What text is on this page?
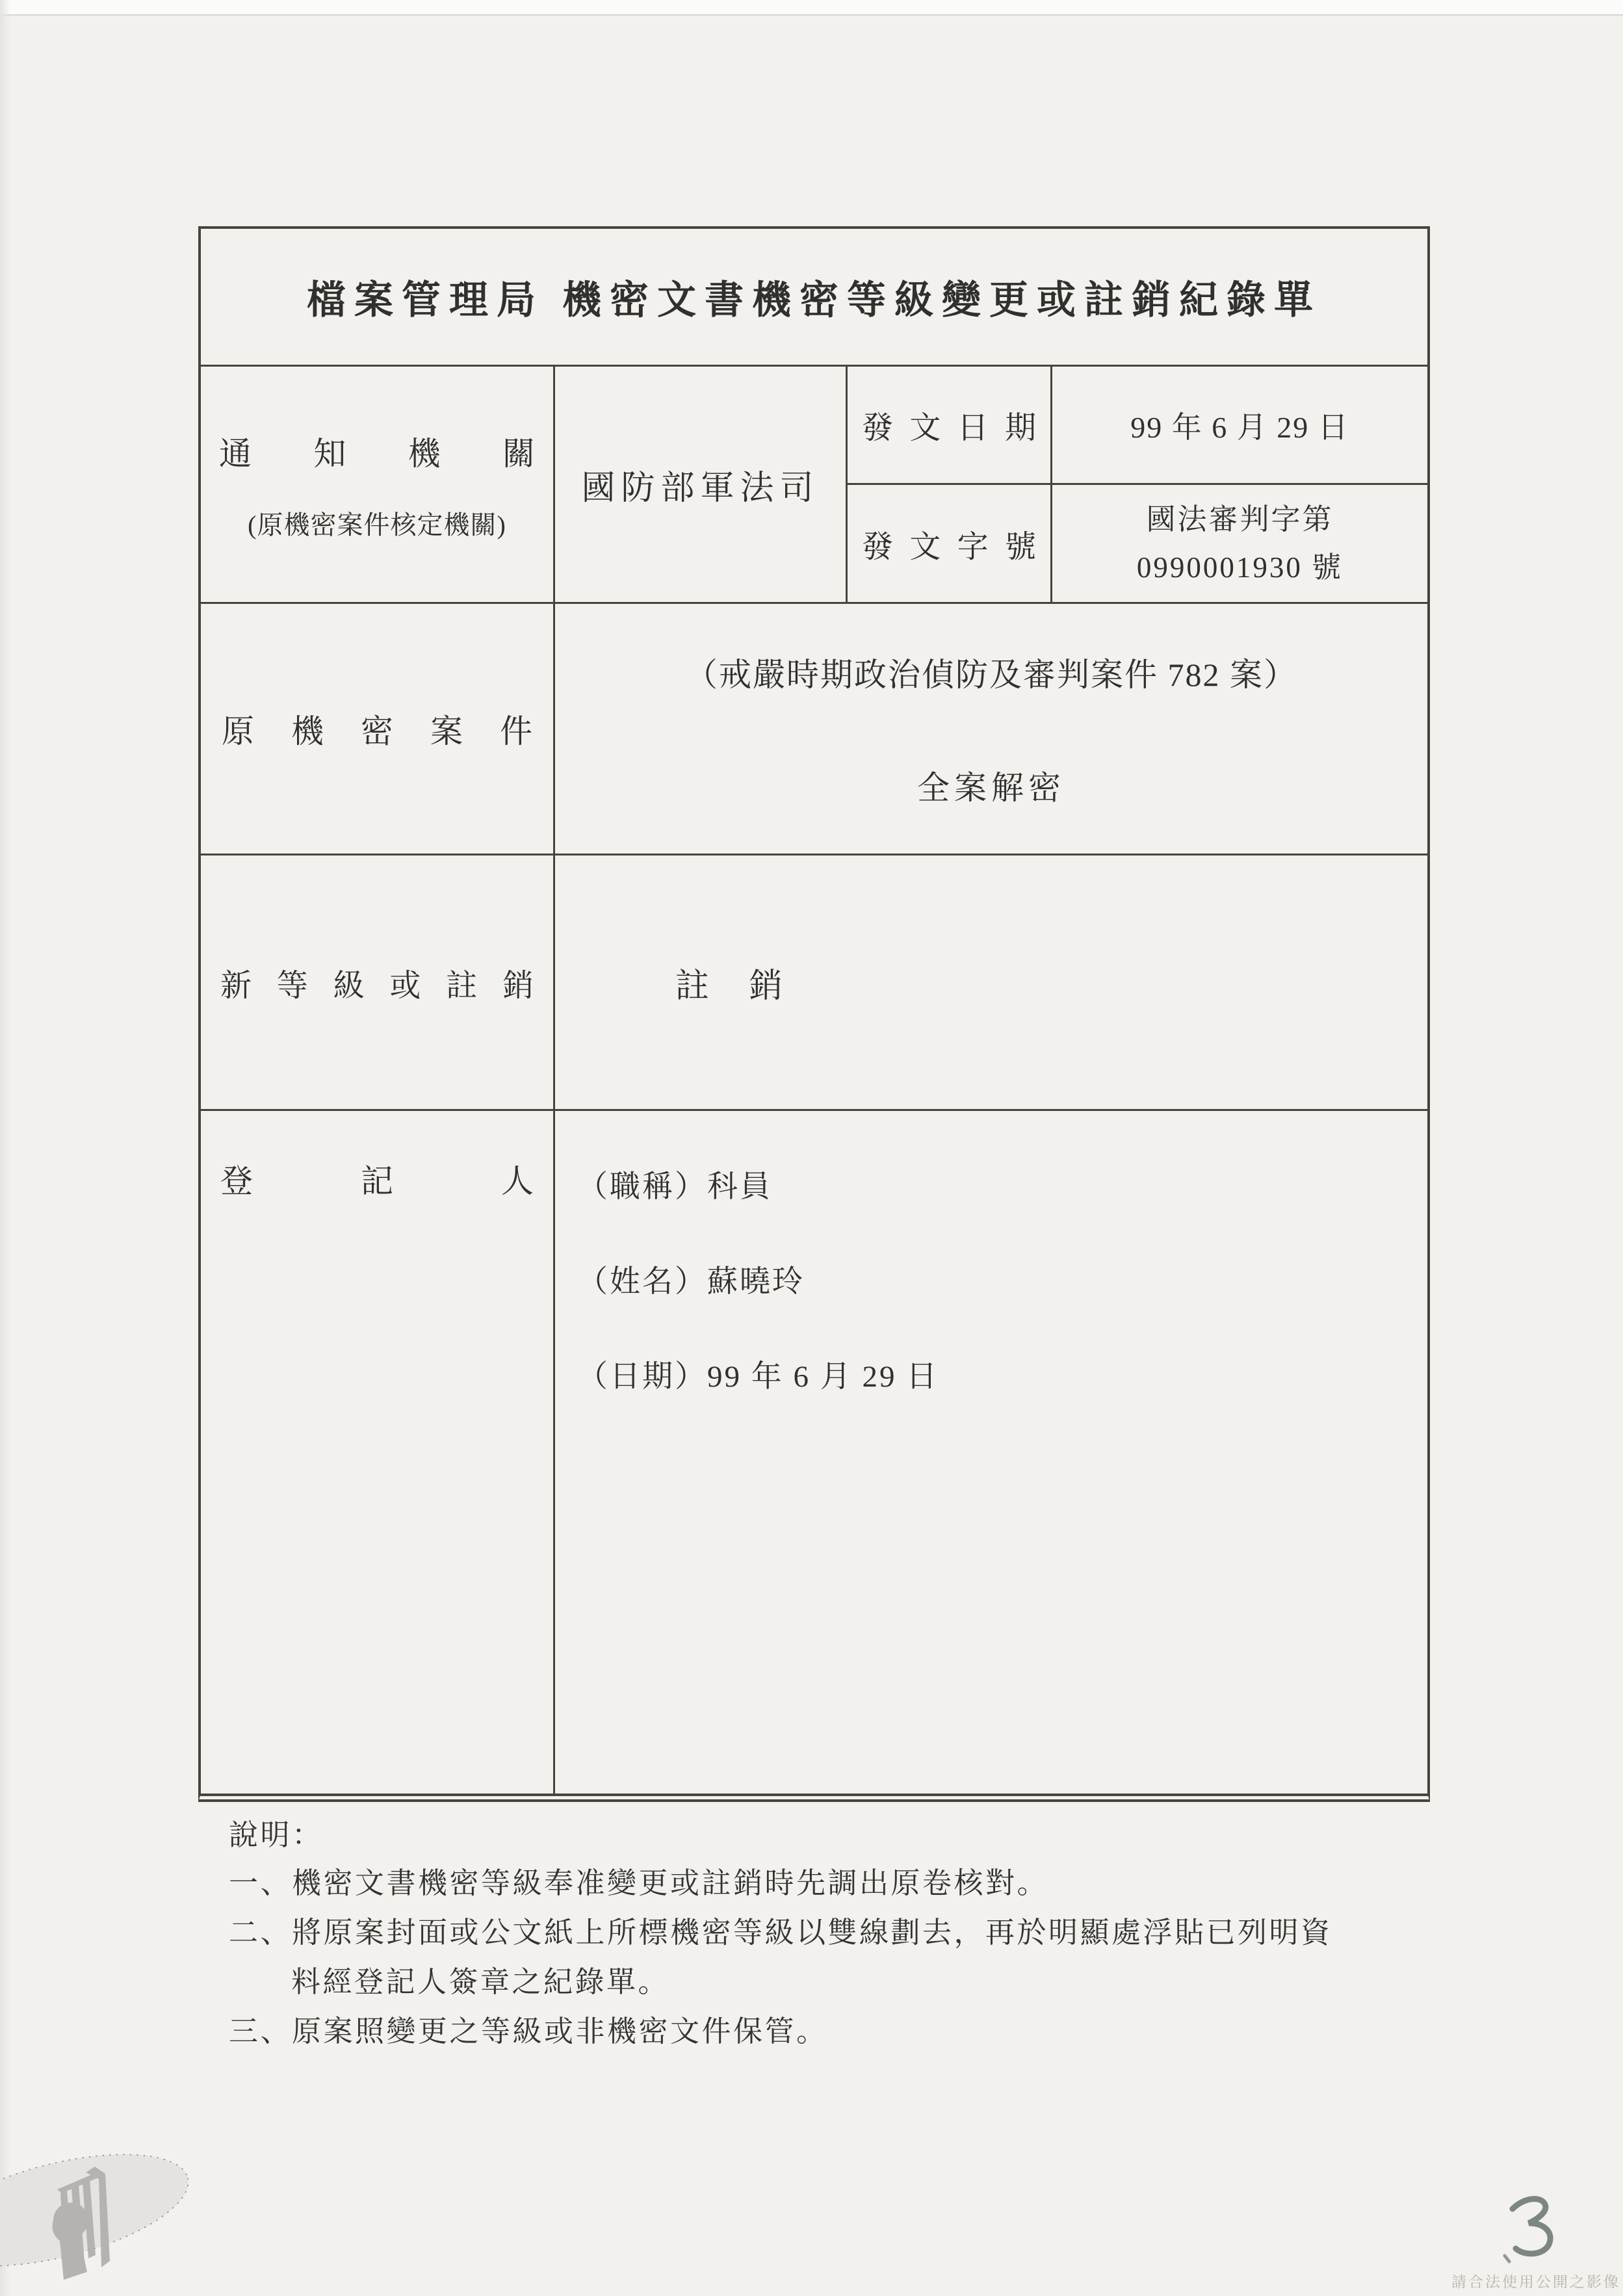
檔案管理局 機密文書機密等級變更或註銷紀錄單
通知機關
(原機密案件核定機關)
國防部軍法司
發文日期	99 年 6 月 29 日
發文字號
國法審判字第
0990001930 號
原機密案件
（戒嚴時期政治偵防及審判案件 782 案）
全案解密
新等級或註銷	註 銷
登記人 （職稱）科員
（姓名）蘇曉玲
（日期）99 年 6 月 29 日
說明：
一、機密文書機密等級奉准變更或註銷時先調出原卷核對。
二、將原案封面或公文紙上所標機密等級以雙線劃去，再於明顯處浮貼已列明資
料經登記人簽章之紀錄單。
三、原案照變更之等級或非機密文件保管。
請合法使用公開之影像
